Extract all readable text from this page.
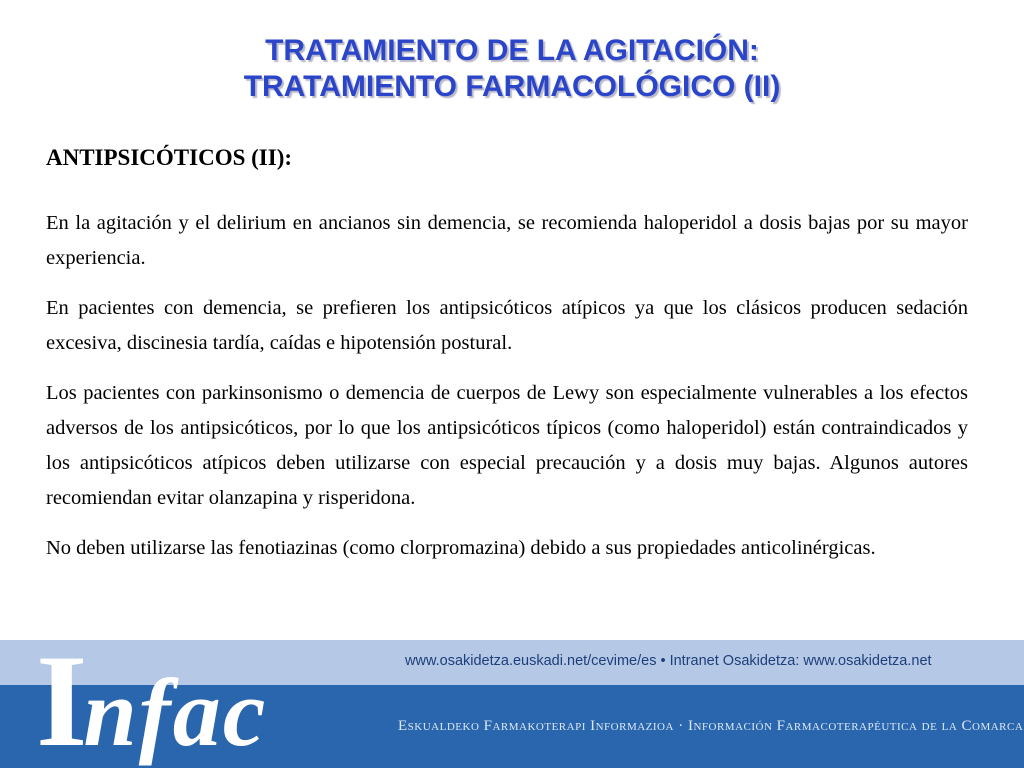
TRATAMIENTO DE LA AGITACIÓN:
TRATAMIENTO FARMACOLÓGICO (II)
ANTIPSICÓTICOS (II):

En la agitación y el delirium en ancianos sin demencia, se recomienda haloperidol a dosis bajas por su mayor experiencia.

En pacientes con demencia, se prefieren los antipsicóticos atípicos ya que los clásicos producen sedación excesiva, discinesia tardía, caídas e hipotensión postural.

Los pacientes con parkinsonismo o demencia de cuerpos de Lewy son especialmente vulnerables a los efectos adversos de los antipsicóticos, por lo que los antipsicóticos típicos (como haloperidol) están contraindicados y los antipsicóticos atípicos deben utilizarse con especial precaución y a dosis muy bajas. Algunos autores recomiendan evitar olanzapina y risperidona.

No deben utilizarse las fenotiazinas (como clorpromazina) debido a sus propiedades anticolinérgicas.

Infac	www.osakidetza.euskadi.net/cevime/es • Intranet Osakidetza: www.osakidetza.net
Eskualdeko Farmakoterapi Informazioa · Información Farmacoterapéutica de la Comarca
